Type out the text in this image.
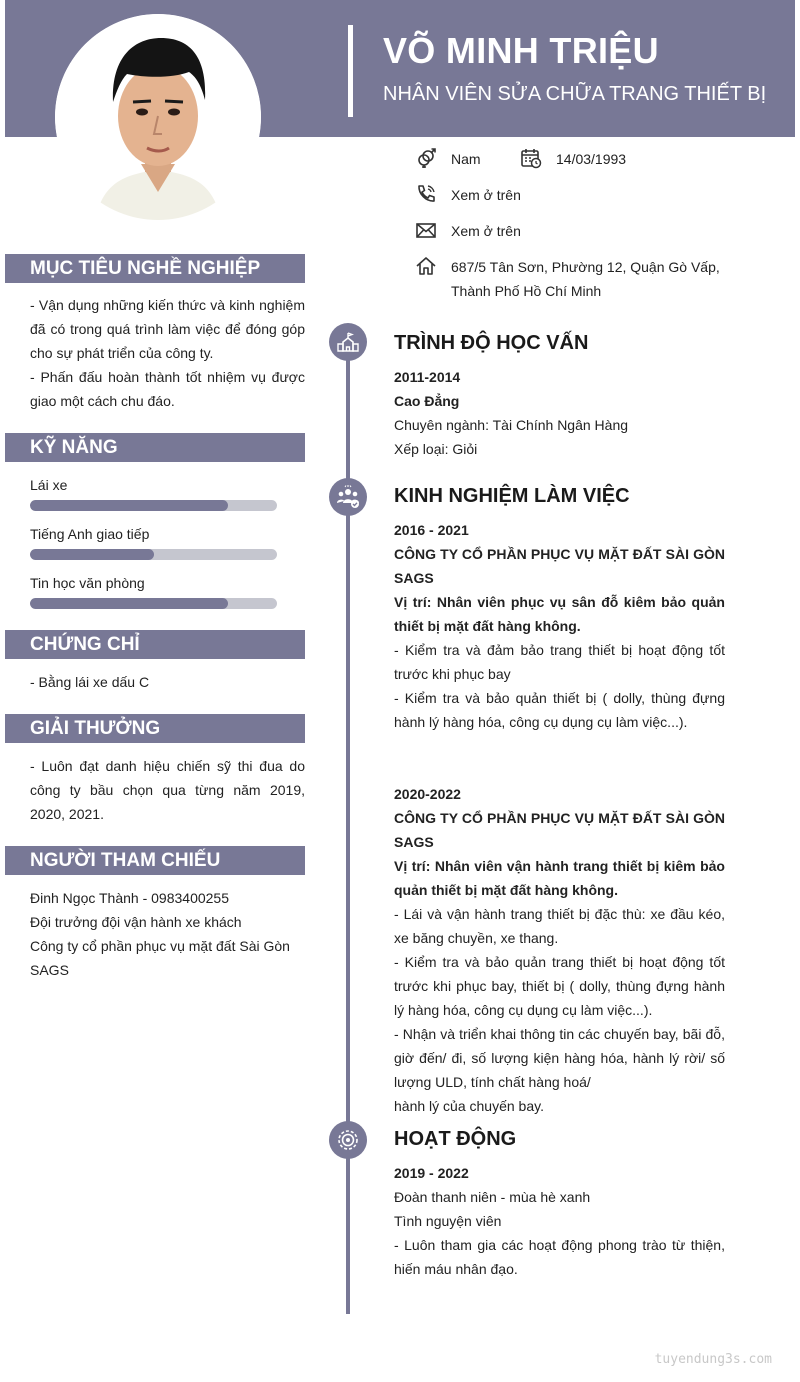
VÕ MINH TRIỆU
NHÂN VIÊN SỬA CHỮA TRANG THIẾT BỊ
Nam	14/03/1993
Xem ở trên
Xem ở trên
687/5 Tân Sơn, Phường 12, Quận Gò Vấp, Thành Phố Hồ Chí Minh
MỤC TIÊU NGHỀ NGHIỆP
- Vận dụng những kiến thức và kinh nghiệm đã có trong quá trình làm việc để đóng góp cho sự phát triển của công ty.
- Phấn đấu hoàn thành tốt nhiệm vụ được giao một cách chu đáo.
KỸ NĂNG
Lái xe
Tiếng Anh giao tiếp
Tin học văn phòng
CHỨNG CHỈ
- Bằng lái xe dấu C
GIẢI THƯỞNG
- Luôn đạt danh hiệu chiến sỹ thi đua do công ty bầu chọn qua từng năm 2019, 2020, 2021.
NGƯỜI THAM CHIẾU
Đinh Ngọc Thành - 0983400255
Đội trưởng đội vận hành xe khách
Công ty cổ phần phục vụ mặt đất Sài Gòn SAGS
TRÌNH ĐỘ HỌC VẤN
2011-2014
Cao Đẳng
Chuyên ngành: Tài Chính Ngân Hàng
Xếp loại: Giỏi
KINH NGHIỆM LÀM VIỆC
2016 - 2021
CÔNG TY CỔ PHẦN PHỤC VỤ MẶT ĐẤT SÀI GÒN SAGS
Vị trí: Nhân viên phục vụ sân đỗ kiêm bảo quản thiết bị mặt đất hàng không.
- Kiểm tra và đảm bảo trang thiết bị hoạt động tốt trước khi phục bay
- Kiểm tra và bảo quản thiết bị ( dolly, thùng đựng hành lý hàng hóa, công cụ dụng cụ làm việc...).
2020-2022
CÔNG TY CỔ PHẦN PHỤC VỤ MẶT ĐẤT SÀI GÒN SAGS
Vị trí: Nhân viên vận hành trang thiết bị kiêm bảo quản thiết bị mặt đất hàng không.
- Lái và vận hành trang thiết bị đặc thù: xe đầu kéo, xe băng chuyền, xe thang.
- Kiểm tra và bảo quản trang thiết bị hoạt động tốt trước khi phục bay, thiết bị ( dolly, thùng đựng hành lý hàng hóa, công cụ dụng cụ làm việc...).
- Nhận và triển khai thông tin các chuyến bay, bãi đỗ, giờ đến/ đi, số lượng kiện hàng hóa, hành lý rời/ số lượng ULD, tính chất hàng hoá/
hành lý của chuyến bay.
HOẠT ĐỘNG
2019 - 2022
Đoàn thanh niên - mùa hè xanh
Tình nguyện viên
- Luôn tham gia các hoạt động phong trào từ thiện, hiến máu nhân đạo.
tuyendung3s.com
